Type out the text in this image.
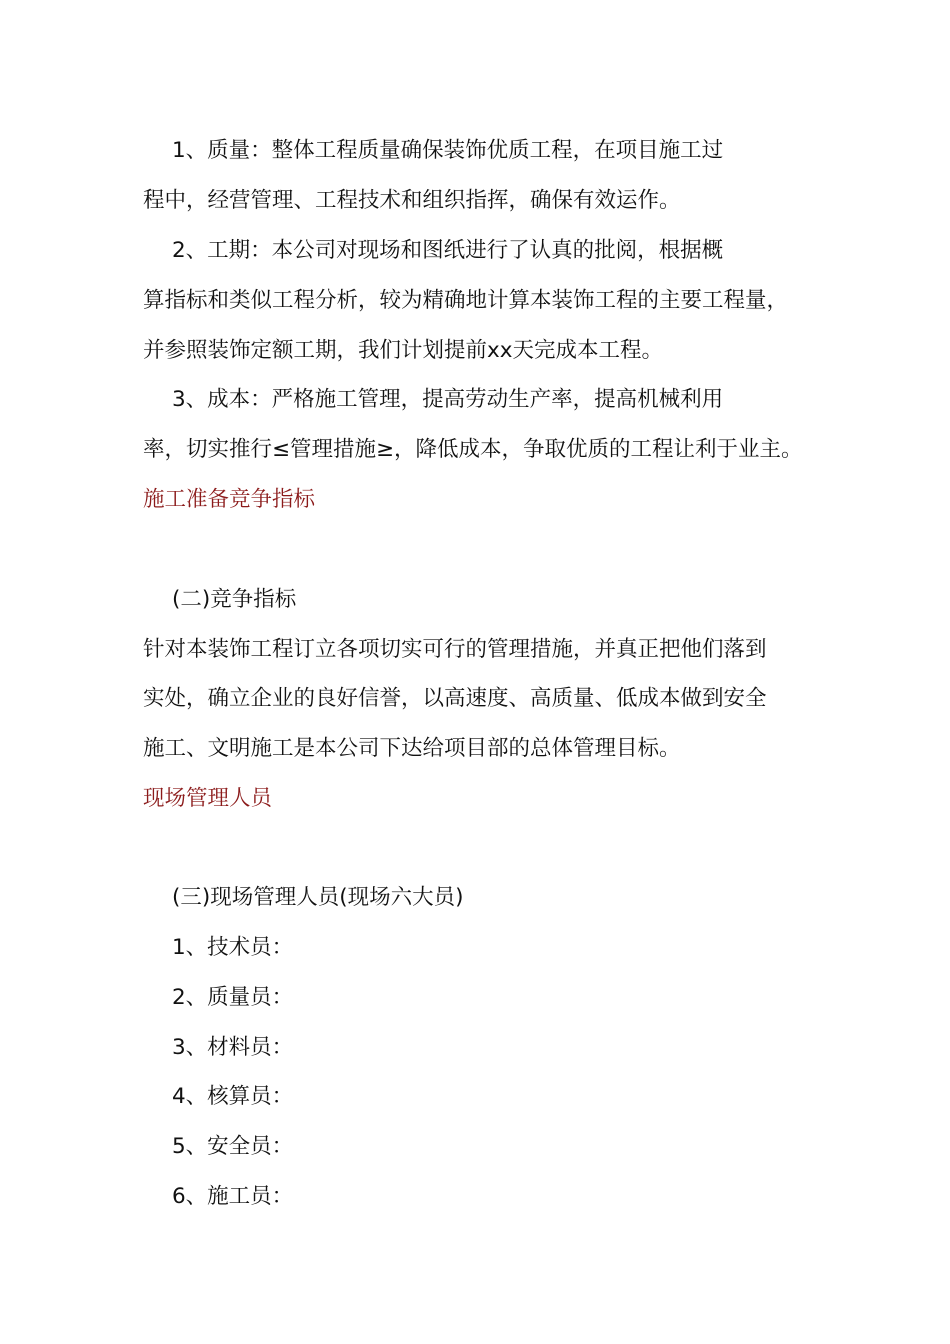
1、质量：整体工程质量确保装饰优质工程，在项目施工过
程中，经营管理、工程技术和组织指挥，确保有效运作。
2、工期：本公司对现场和图纸进行了认真的批阅，根据概
算指标和类似工程分析，较为精确地计算本装饰工程的主要工程量，
并参照装饰定额工期，我们计划提前xx天完成本工程。
3、成本：严格施工管理，提高劳动生产率，提高机械利用
率，切实推行≤管理措施≥，降低成本，争取优质的工程让利于业主。
施工准备竞争指标
(二)竞争指标
针对本装饰工程订立各项切实可行的管理措施，并真正把他们落到
实处，确立企业的良好信誉，以高速度、高质量、低成本做到安全
施工、文明施工是本公司下达给项目部的总体管理目标。
现场管理人员
(三)现场管理人员(现场六大员)
1、技术员：
2、质量员：
3、材料员：
4、核算员：
5、安全员：
6、施工员：
